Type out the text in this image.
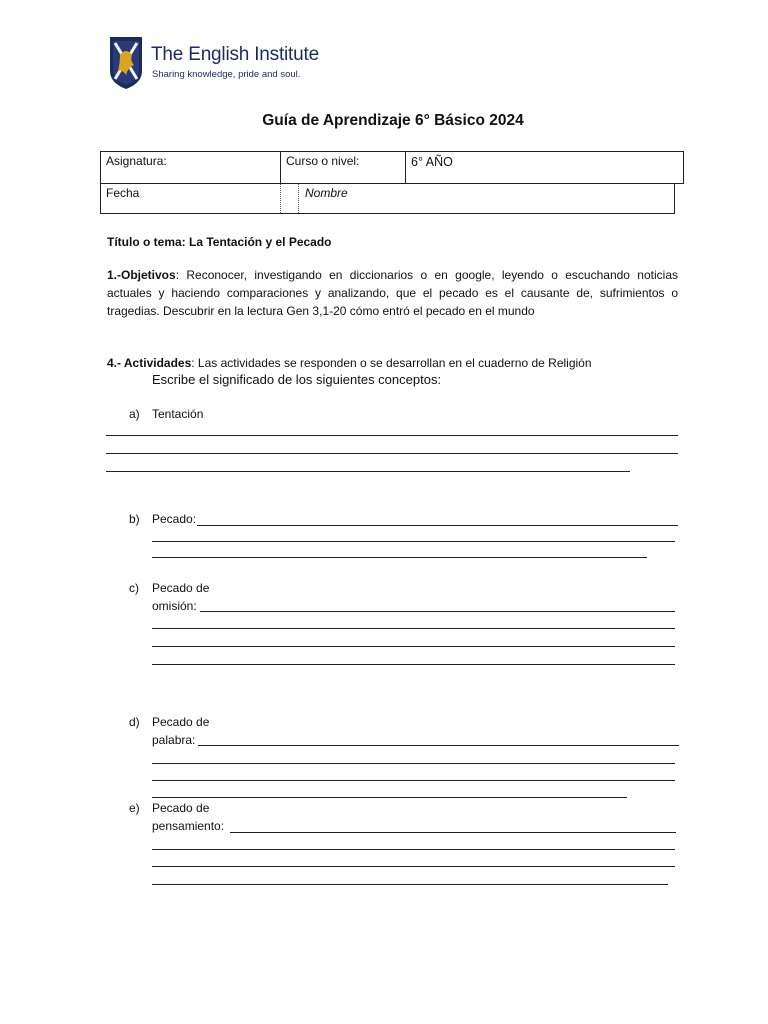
The English Institute
Sharing knowledge, pride and soul.
Guía de Aprendizaje 6° Básico 2024
Asignatura:	Curso o nivel:	6° AÑO
Fecha	Nombre
Título o tema: La Tentación y el Pecado
1.-Objetivos: Reconocer, investigando en diccionarios o en google, leyendo o escuchando noticias actuales y haciendo comparaciones y analizando, que el pecado es el causante de, sufrimientos o tragedias. Descubrir en la lectura Gen 3,1-20 cómo entró el pecado en el mundo
4.- Actividades: Las actividades se responden o se desarrollan en el cuaderno de Religión
Escribe el significado de los siguientes conceptos:
a) Tentación
b) Pecado:
c) Pecado de
omisión:
d) Pecado de
palabra:
e) Pecado de
pensamiento:
